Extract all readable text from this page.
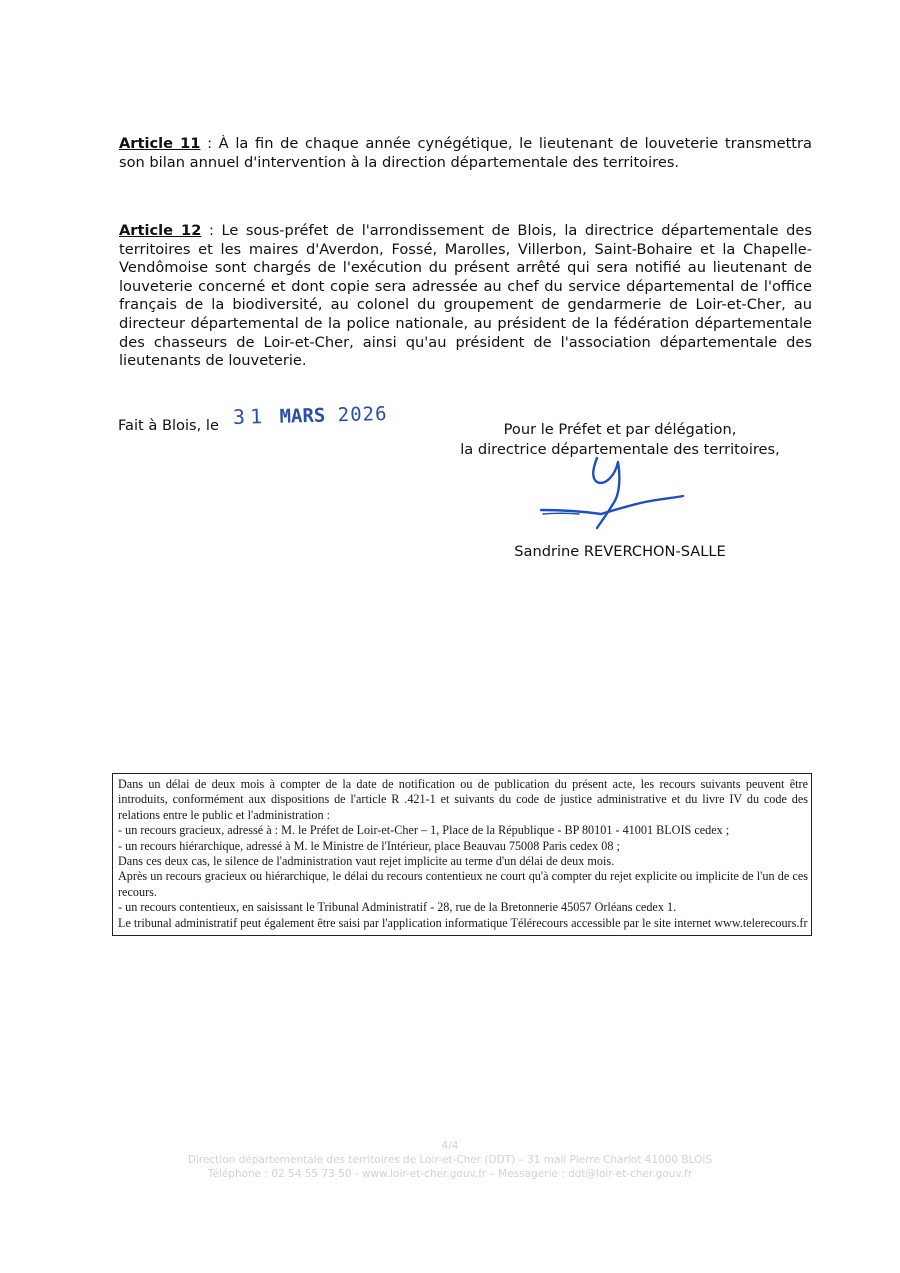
Article 11 : À la fin de chaque année cynégétique, le lieutenant de louveterie transmettra son bilan annuel d'intervention à la direction départementale des territoires.
Article 12 : Le sous-préfet de l'arrondissement de Blois, la directrice départementale des territoires et les maires d'Averdon, Fossé, Marolles, Villerbon, Saint-Bohaire et la Chapelle-Vendômoise sont chargés de l'exécution du présent arrêté qui sera notifié au lieutenant de louveterie concerné et dont copie sera adressée au chef du service départemental de l'office français de la biodiversité, au colonel du groupement de gendarmerie de Loir-et-Cher, au directeur départemental de la police nationale, au président de la fédération départementale des chasseurs de Loir-et-Cher, ainsi qu'au président de l'association départementale des lieutenants de louveterie.
Fait à Blois, le 31 MARS 2026
Pour le Préfet et par délégation,
la directrice départementale des territoires,
Sandrine REVERCHON-SALLE

Dans un délai de deux mois à compter de la date de notification ou de publication du présent acte, les recours suivants peuvent être introduits, conformément aux dispositions de l'article R .421-1 et suivants du code de justice administrative et du livre IV du code des relations entre le public et l'administration :

- un recours gracieux, adressé à : M. le Préfet de Loir-et-Cher – 1, Place de la République - BP 80101 - 41001 BLOIS cedex ;

- un recours hiérarchique, adressé à M. le Ministre de l'Intérieur, place Beauvau 75008 Paris cedex 08 ;

Dans ces deux cas, le silence de l'administration vaut rejet implicite au terme d'un délai de deux mois.

Après un recours gracieux ou hiérarchique, le délai du recours contentieux ne court qu'à compter du rejet explicite ou implicite de l'un de ces recours.

- un recours contentieux, en saisissant le Tribunal Administratif - 28, rue de la Bretonnerie 45057 Orléans cedex 1.

Le tribunal administratif peut également être saisi par l'application informatique Télérecours accessible par le site internet www.telerecours.fr

4/4
Direction départementale des territoires de Loir-et-Cher (DDT) – 31 mail Pierre Charlot 41000 BLOIS
Téléphone : 02 54 55 73 50 - www.loir-et-cher.gouv.fr – Messagerie : ddt@loir-et-cher.gouv.fr
